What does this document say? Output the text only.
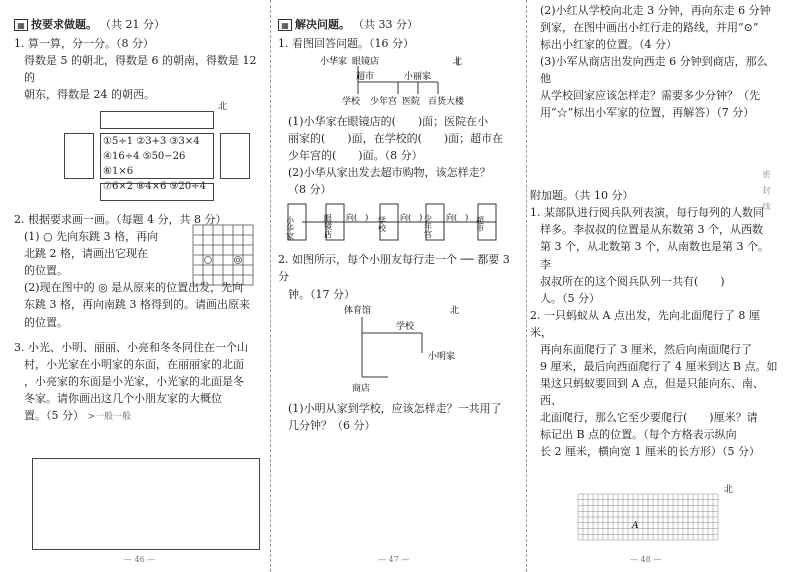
▦ 按要求做题。 （共 21 分）
1. 算一算，分一分。（8 分）
得数是 5 的朝北，得数是 6 的朝南，得数是 12 的
朝东，得数是 24 的朝西。
①5÷1 ②3+3 ③3×4
④16÷4 ⑤50−26 ⑥1×6
⑦6×2 ⑧4×6 ⑨20÷4
北
2. 根据要求画一画。（每题 4 分，共 8 分）
(1) ○ 先向东跳 3 格，再向
北跳 2 格，请画出它现在
的位置。
(2)现在图中的 ◎ 是从原来的位置出发，先向
东跳 3 格，再向南跳 3 格得到的。请画出原来
的位置。
3. 小光、小明、丽丽、小亮和冬冬同住在一个山
村，小光家在小明家的东面，在丽丽家的北面
，小亮家的东面是小光家，小光家的北面是冬
冬家。请你画出这几个小朋友家的大概位
置。（5 分） >一般一般
— 46 —
▦ 解决问题。 （共 33 分）
1. 看图回答问题。（16 分）
小华家 眼镜店
超市	小丽家
北
学校 少年宫 医院 百货大楼
(1)小华家在眼镜店的(　　)面；医院在小
丽家的(　　)面，在学校的(　　)面；超市在
少年宫的(　　)面。（8 分）
(2)小华从家出发去超市购物，该怎样走？
（8 分）
小华家	眼镜店	学校	少年宫	超市
向(　)	向(　)	向(　)
2. 如图所示，每个小朋友每行走一个 ── 都要 3 分
钟。（17 分）
体育馆
学校
小明家
商店
北
(1)小明从家到学校，应该怎样走？一共用了
几分钟？（6 分）
— 47 —
(2)小红从学校向北走 3 分钟，再向东走 6 分钟
到家，在图中画出小红行走的路线，并用“⊙”
标出小红家的位置。（4 分）
(3)小军从商店出发向西走 6 分钟到商店，那么他
从学校回家应该怎样走？需要多少分钟？（先
用“☆”标出小军家的位置，再解答）（7 分）
附加题。（共 10 分）
1. 某部队进行阅兵队列表演，每行每列的人数同
样多。李叔叔的位置是从东数第 3 个，从西数
第 3 个，从北数第 3 个，从南数也是第 3 个。李
叔叔所在的这个阅兵队列一共有(　　)
人。（5 分）
2. 一只蚂蚁从 A 点出发，先向北面爬行了 8 厘米，
再向东面爬行了 3 厘米，然后向南面爬行了
9 厘米，最后向西面爬行了 4 厘米到达 B 点。如
果这只蚂蚁要回到 A 点，但是只能向东、南、西、
北面爬行，那么它至少要爬行(　　)厘米？请
标记出 B 点的位置。（每个方格表示纵向
长 2 厘米，横向宽 1 厘米的长方形）（5 分）
北
A
— 48 —
密　封　线
